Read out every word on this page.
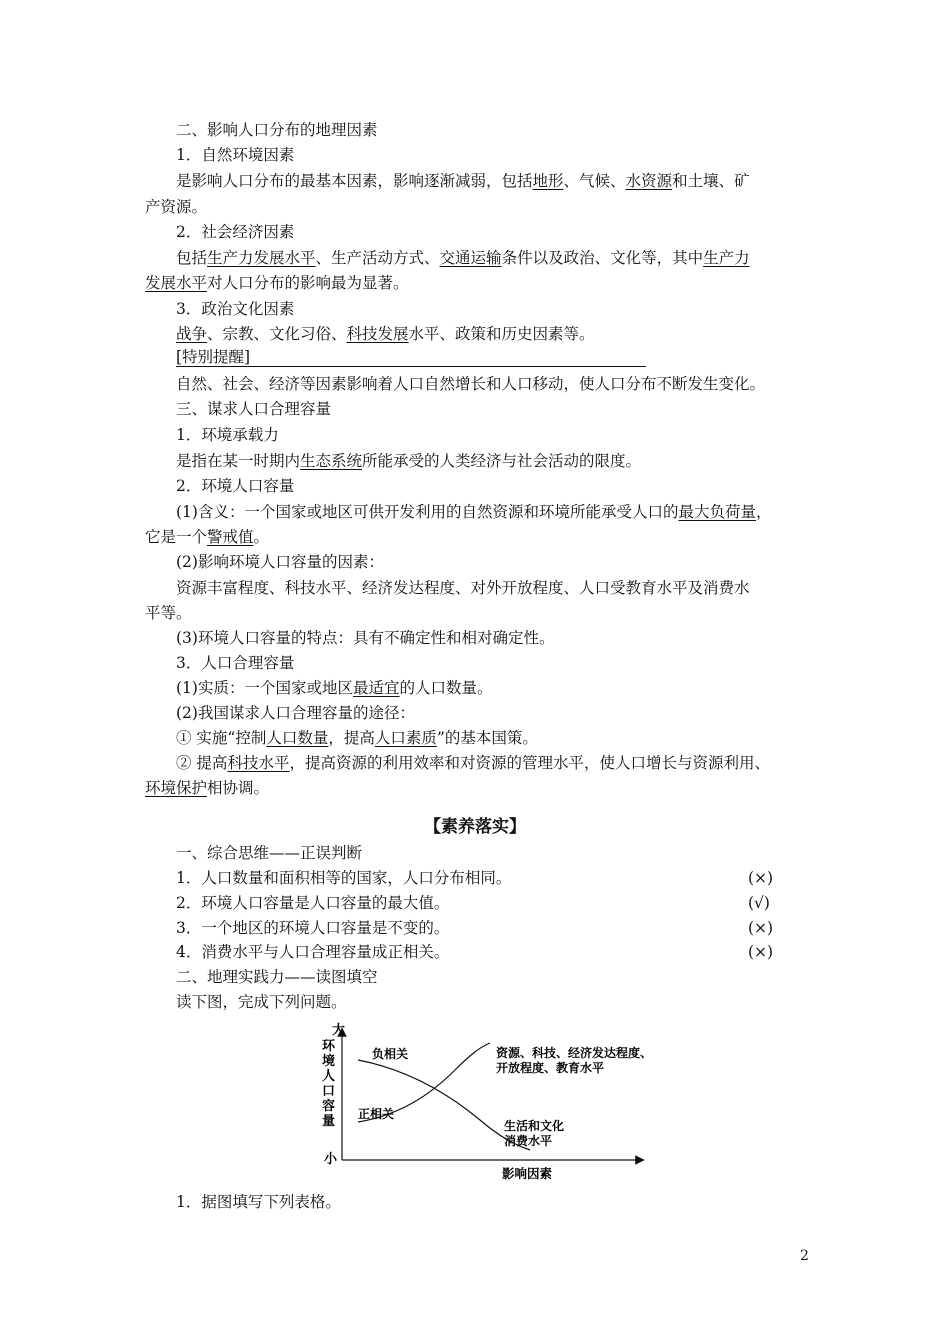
二、影响人口分布的地理因素
1．自然环境因素
是影响人口分布的最基本因素，影响逐渐减弱，包括地形、气候、水资源和土壤、矿
产资源。
2．社会经济因素
包括生产力发展水平、生产活动方式、交通运输条件以及政治、文化等，其中生产力
发展水平对人口分布的影响最为显著。
3．政治文化因素
战争、宗教、文化习俗、科技发展水平、政策和历史因素等。
[特别提醒]
自然、社会、经济等因素影响着人口自然增长和人口移动，使人口分布不断发生变化。
三、谋求人口合理容量
1．环境承载力
是指在某一时期内生态系统所能承受的人类经济与社会活动的限度。
2．环境人口容量
(1)含义：一个国家或地区可供开发利用的自然资源和环境所能承受人口的最大负荷量，
它是一个警戒值。
(2)影响环境人口容量的因素：
资源丰富程度、科技水平、经济发达程度、对外开放程度、人口受教育水平及消费水
平等。
(3)环境人口容量的特点：具有不确定性和相对确定性。
3．人口合理容量
(1)实质：一个国家或地区最适宜的人口数量。
(2)我国谋求人口合理容量的途径：
① 实施“控制人口数量，提高人口素质”的基本国策。
② 提高科技水平，提高资源的利用效率和对资源的管理水平，使人口增长与资源利用、
环境保护相协调。
【素养落实】
一、综合思维——正误判断
1．人口数量和面积相等的国家，人口分布相同。	(×)
2．环境人口容量是人口容量的最大值。	(√)
3．一个地区的环境人口容量是不变的。	(×)
4．消费水平与人口合理容量成正相关。	(×)
二、地理实践力——读图填空
读下图，完成下列问题。
大
小
环
境
人
口
容
量
影响因素
负相关
正相关
资源、科技、经济发达程度、
开放程度、教育水平
生活和文化
消费水平
1．据图填写下列表格。
2
